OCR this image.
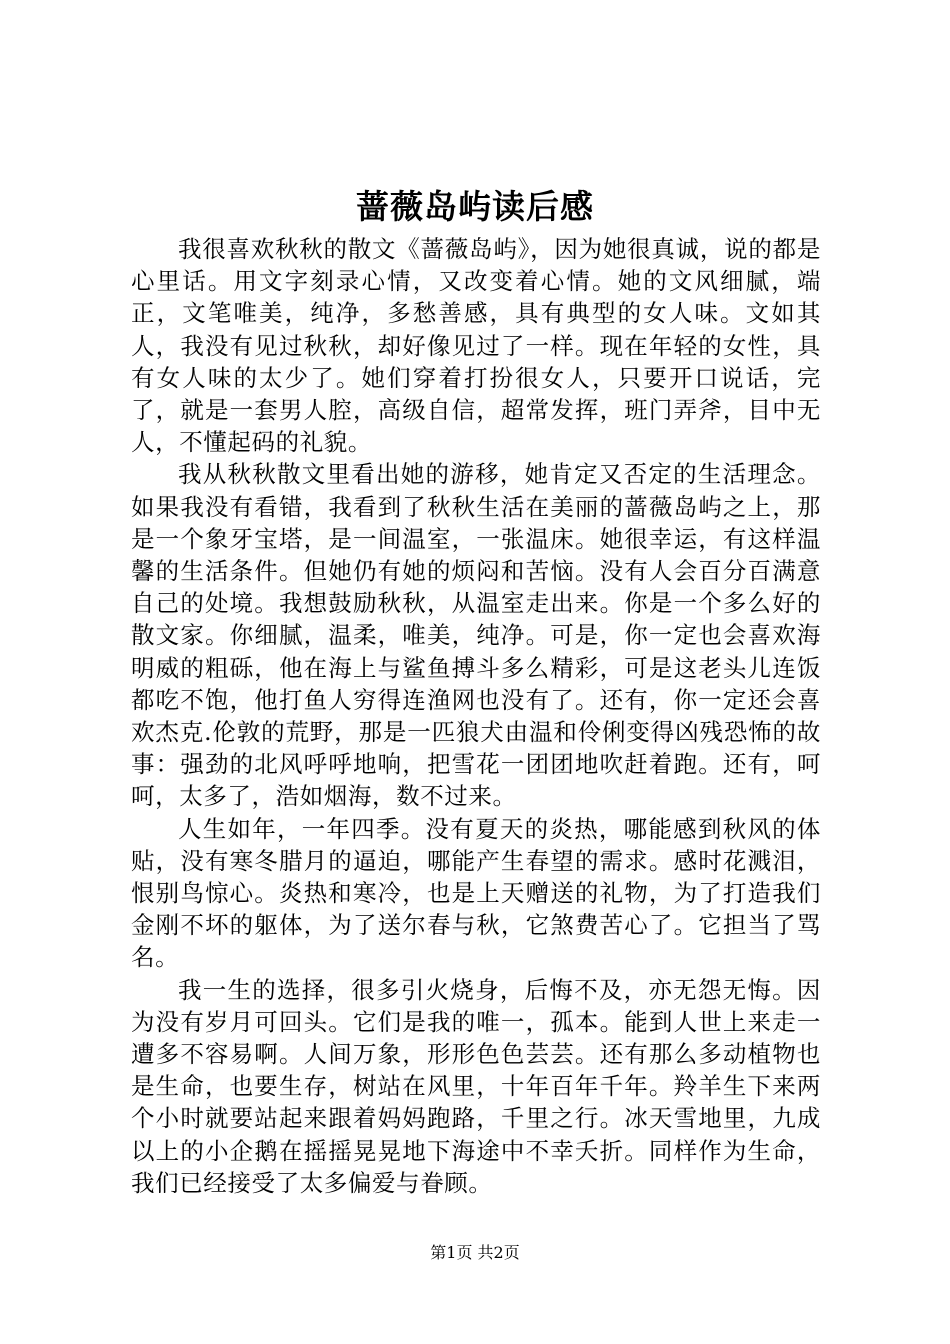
蔷薇岛屿读后感

我很喜欢秋秋的散文《蔷薇岛屿》，因为她很真诚，说的都是心里话。用文字刻录心情，又改变着心情。她的文风细腻，端正，文笔唯美，纯净，多愁善感，具有典型的女人味。文如其人，我没有见过秋秋，却好像见过了一样。现在年轻的女性，具有女人味的太少了。她们穿着打扮很女人，只要开口说话，完了，就是一套男人腔，高级自信，超常发挥，班门弄斧，目中无人，不懂起码的礼貌。

我从秋秋散文里看出她的游移，她肯定又否定的生活理念。如果我没有看错，我看到了秋秋生活在美丽的蔷薇岛屿之上，那是一个象牙宝塔，是一间温室，一张温床。她很幸运，有这样温馨的生活条件。但她仍有她的烦闷和苦恼。没有人会百分百满意自己的处境。我想鼓励秋秋，从温室走出来。你是一个多么好的散文家。你细腻，温柔，唯美，纯净。可是，你一定也会喜欢海明威的粗砾，他在海上与鲨鱼搏斗多么精彩，可是这老头儿连饭都吃不饱，他打鱼人穷得连渔网也没有了。还有，你一定还会喜欢杰克.伦敦的荒野，那是一匹狼犬由温和伶俐变得凶残恐怖的故事：强劲的北风呼呼地响，把雪花一团团地吹赶着跑。还有，呵呵，太多了，浩如烟海，数不过来。

人生如年，一年四季。没有夏天的炎热，哪能感到秋风的体贴，没有寒冬腊月的逼迫，哪能产生春望的需求。感时花溅泪，恨别鸟惊心。炎热和寒冷，也是上天赠送的礼物，为了打造我们金刚不坏的躯体，为了送尔春与秋，它煞费苦心了。它担当了骂名。

我一生的选择，很多引火烧身，后悔不及，亦无怨无悔。因为没有岁月可回头。它们是我的唯一，孤本。能到人世上来走一遭多不容易啊。人间万象，形形色色芸芸。还有那么多动植物也是生命，也要生存，树站在风里，十年百年千年。羚羊生下来两个小时就要站起来跟着妈妈跑路，千里之行。冰天雪地里，九成以上的小企鹅在摇摇晃晃地下海途中不幸夭折。同样作为生命，我们已经接受了太多偏爱与眷顾。

第1页 共2页
